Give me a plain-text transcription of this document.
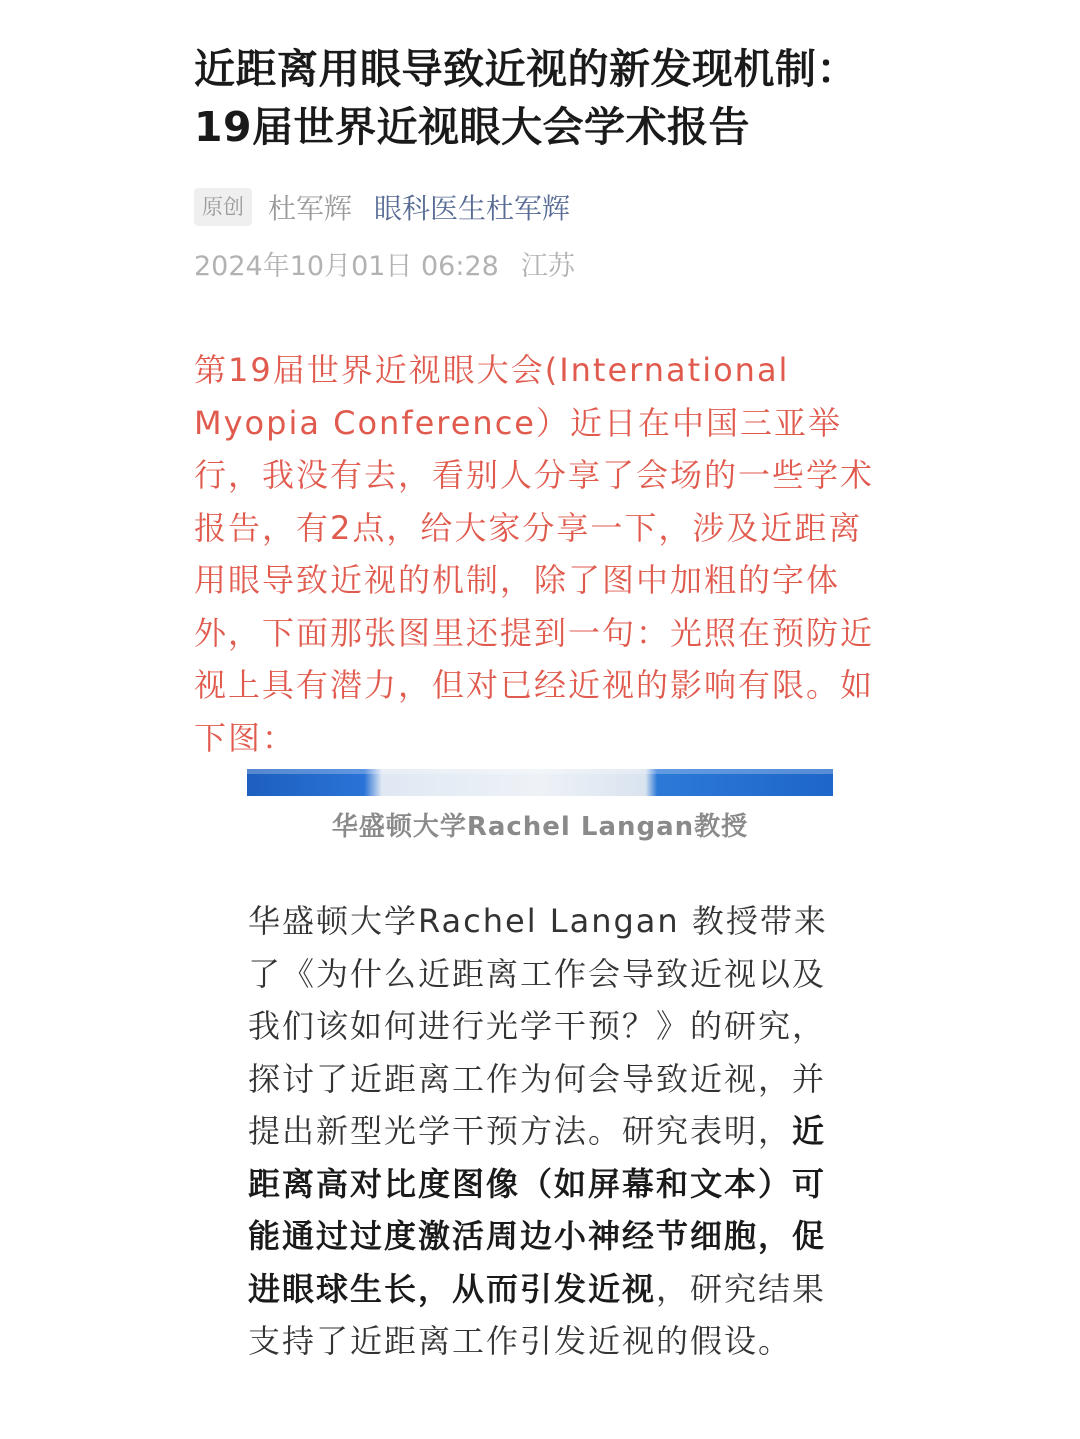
近距离用眼导致近视的新发现机制：19届世界近视眼大会学术报告
原创 杜军辉 眼科医生杜军辉
2024年10月01日 06:28 江苏

第19届世界近视眼大会(International Myopia Conference）近日在中国三亚举行，我没有去，看别人分享了会场的一些学术报告，有2点，给大家分享一下，涉及近距离用眼导致近视的机制，除了图中加粗的字体外，下面那张图里还提到一句：光照在预防近视上具有潜力，但对已经近视的影响有限。如下图：

华盛顿大学Rachel Langan教授

华盛顿大学Rachel Langan 教授带来了《为什么近距离工作会导致近视以及我们该如何进行光学干预？》的研究，探讨了近距离工作为何会导致近视，并提出新型光学干预方法。研究表明，近距离高对比度图像（如屏幕和文本）可能通过过度激活周边小神经节细胞，促进眼球生长，从而引发近视，研究结果支持了近距离工作引发近视的假设。
